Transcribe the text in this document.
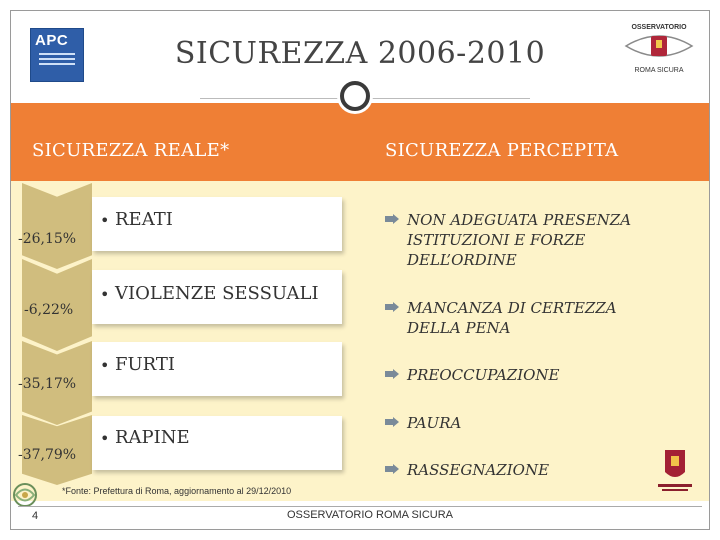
APC
OSSERVATORIO
ROMA SICURA
SICUREZZA 2006-2010
SICUREZZA REALE*	SICUREZZA PERCEPITA
-26,15%
-6,22%
-35,17%
-37,79%
• REATI
• VIOLENZE SESSUALI
• FURTI
• RAPINE
NON ADEGUATA PRESENZA ISTITUZIONI E FORZE DELL’ORDINE
MANCANZA DI CERTEZZA DELLA PENA
PREOCCUPAZIONE
PAURA
RASSEGNAZIONE
*Fonte: Prefettura di Roma, aggiornamento al 29/12/2010
4	OSSERVATORIO ROMA SICURA
